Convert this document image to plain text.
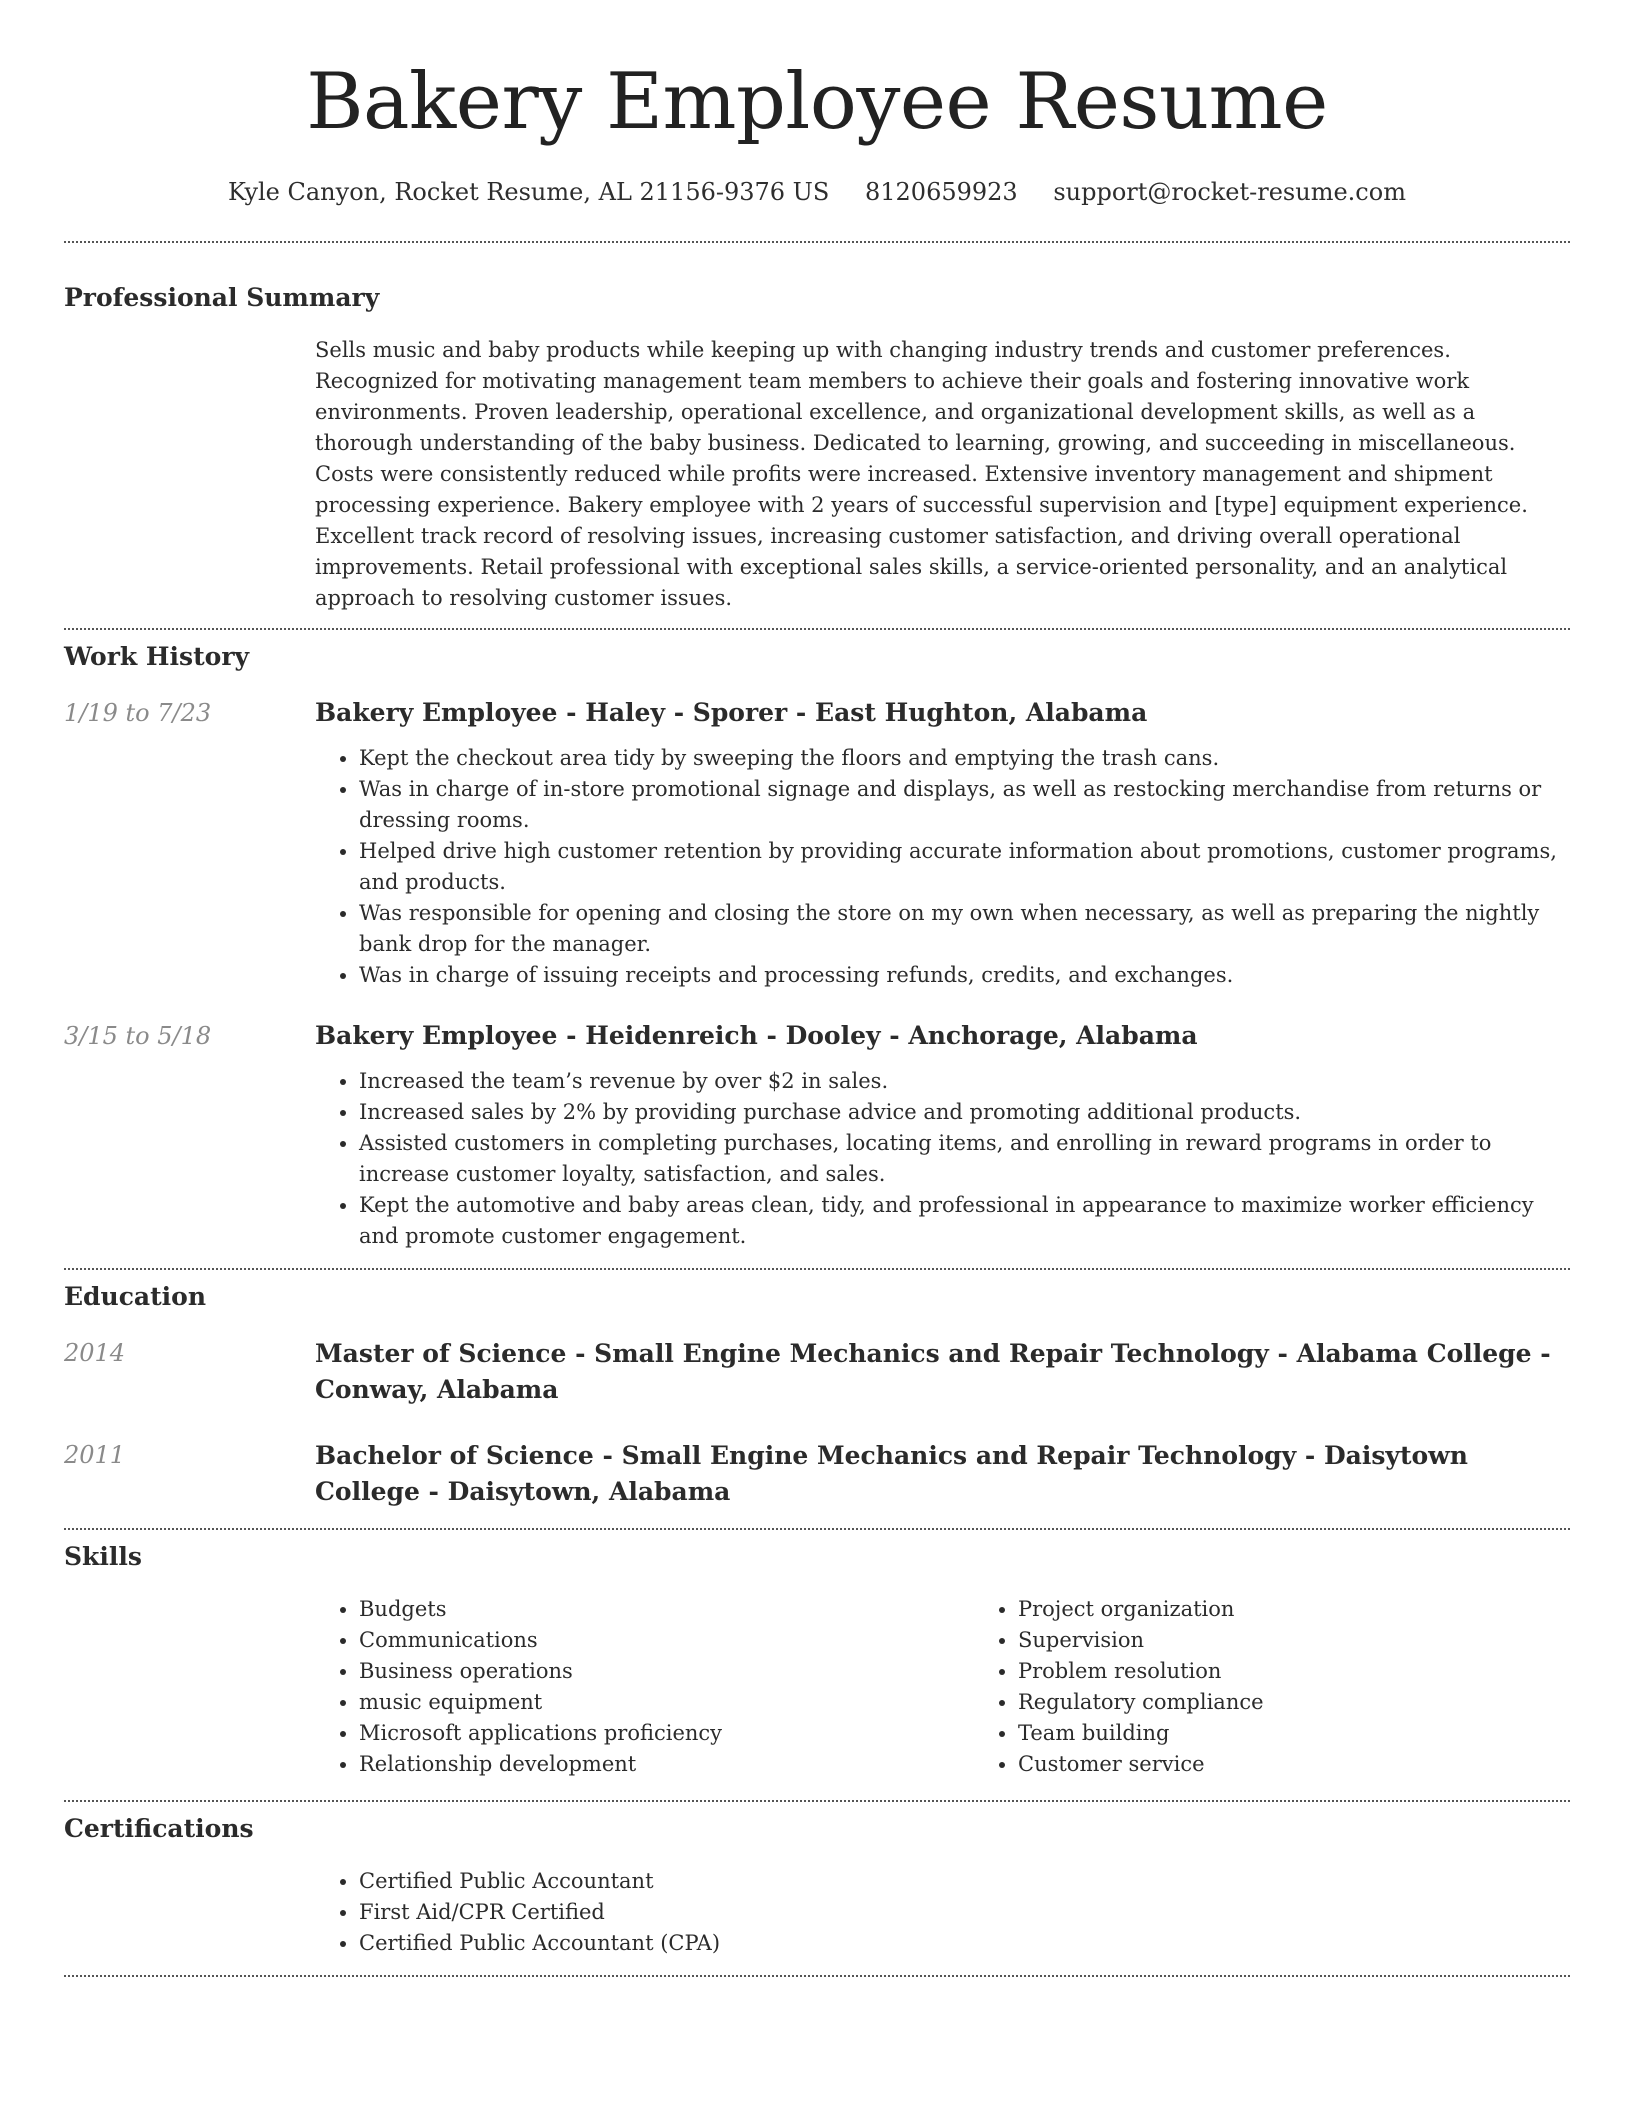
Bakery Employee Resume
Kyle Canyon, Rocket Resume, AL 21156-9376 US 8120659923 support@rocket-resume.com
Professional Summary

Sells music and baby products while keeping up with changing industry trends and customer preferences. Recognized for motivating management team members to achieve their goals and fostering innovative work environments. Proven leadership, operational excellence, and organizational development skills, as well as a thorough understanding of the baby business. Dedicated to learning, growing, and succeeding in miscellaneous. Costs were consistently reduced while profits were increased. Extensive inventory management and shipment processing experience. Bakery employee with 2 years of successful supervision and [type] equipment experience. Excellent track record of resolving issues, increasing customer satisfaction, and driving overall operational improvements. Retail professional with exceptional sales skills, a service-oriented personality, and an analytical approach to resolving customer issues.

Work History
1/19 to 7/23	Bakery Employee - Haley - Sporer - East Hughton, Alabama
• Kept the checkout area tidy by sweeping the floors and emptying the trash cans.
• Was in charge of in-store promotional signage and displays, as well as restocking merchandise from returns or dressing rooms.
• Helped drive high customer retention by providing accurate information about promotions, customer programs, and products.
• Was responsible for opening and closing the store on my own when necessary, as well as preparing the nightly bank drop for the manager.
• Was in charge of issuing receipts and processing refunds, credits, and exchanges.
3/15 to 5/18	Bakery Employee - Heidenreich - Dooley - Anchorage, Alabama
• Increased the team’s revenue by over $2 in sales.
• Increased sales by 2% by providing purchase advice and promoting additional products.
• Assisted customers in completing purchases, locating items, and enrolling in reward programs in order to increase customer loyalty, satisfaction, and sales.
• Kept the automotive and baby areas clean, tidy, and professional in appearance to maximize worker efficiency and promote customer engagement.
Education
2014	Master of Science - Small Engine Mechanics and Repair Technology - Alabama College - Conway, Alabama
2011	Bachelor of Science - Small Engine Mechanics and Repair Technology - Daisytown College - Daisytown, Alabama
Skills
• Budgets
• Communications
• Business operations
• music equipment
• Microsoft applications proficiency
• Relationship development
• Project organization
• Supervision
• Problem resolution
• Regulatory compliance
• Team building
• Customer service
Certifications
• Certified Public Accountant
• First Aid/CPR Certified
• Certified Public Accountant (CPA)
